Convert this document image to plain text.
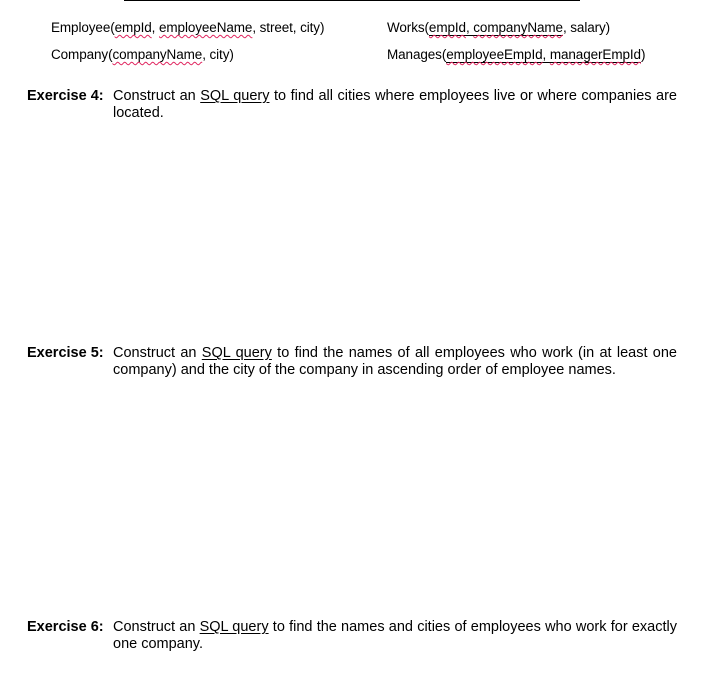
Employee(empId, employeeName, street, city)	Works(empId, companyName, salary)
Company(companyName, city)	Manages(employeeEmpId, managerEmpId)
Exercise 4: Construct an SQL query to find all cities where employees live or where companies are located.
Exercise 5: Construct an SQL query to find the names of all employees who work (in at least one company) and the city of the company in ascending order of employee names.
Exercise 6: Construct an SQL query to find the names and cities of employees who work for exactly one company.
